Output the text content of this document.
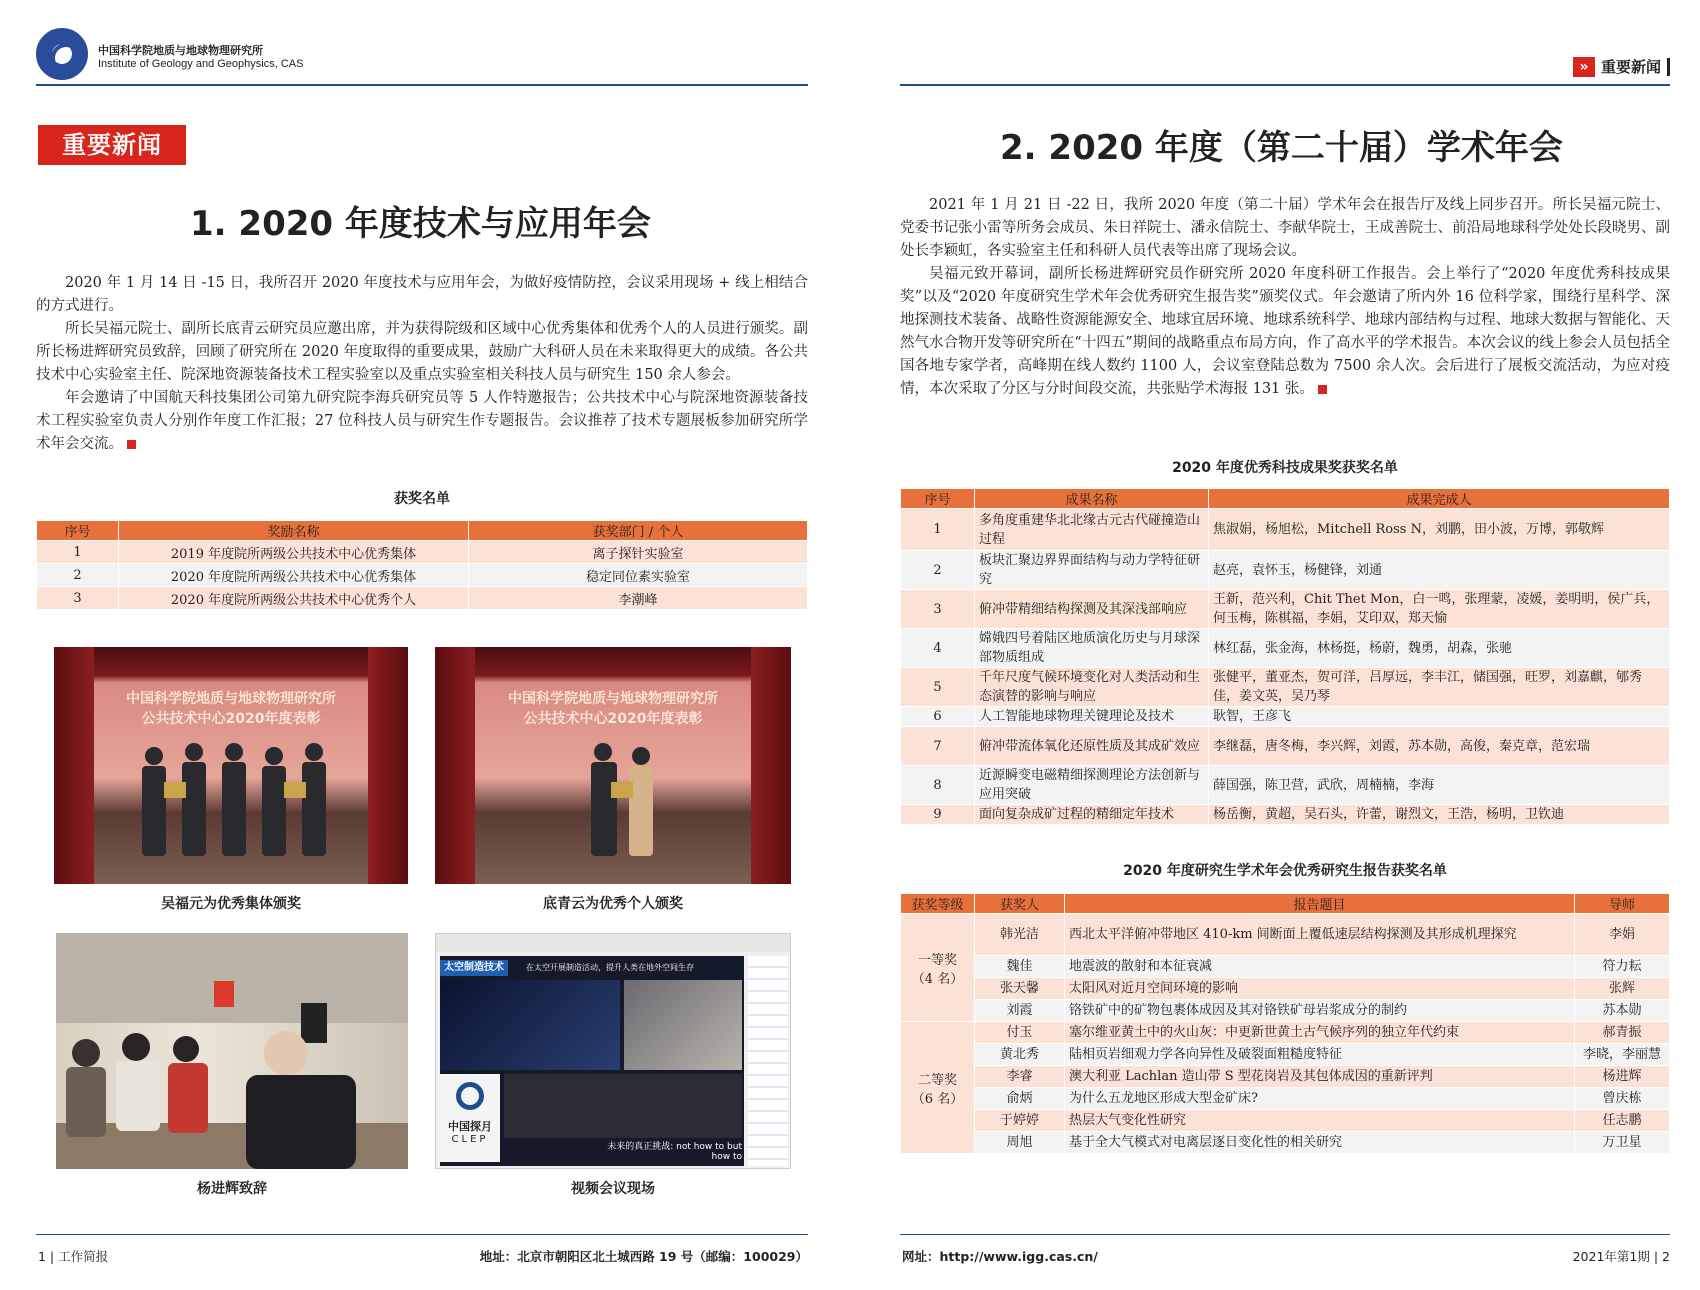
中国科学院地质与地球物理研究所
Institute of Geology and Geophysics, CAS
重要新闻
1. 2020 年度技术与应用年会

2020 年 1 月 14 日 -15 日，我所召开 2020 年度技术与应用年会，为做好疫情防控，会议采用现场 + 线上相结合的方式进行。

所长吴福元院士、副所长底青云研究员应邀出席，并为获得院级和区域中心优秀集体和优秀个人的人员进行颁奖。副所长杨进辉研究员致辞，回顾了研究所在 2020 年度取得的重要成果，鼓励广大科研人员在未来取得更大的成绩。各公共技术中心实验室主任、院深地资源装备技术工程实验室以及重点实验室相关科技人员与研究生 150 余人参会。

年会邀请了中国航天科技集团公司第九研究院李海兵研究员等 5 人作特邀报告；公共技术中心与院深地资源装备技术工程实验室负责人分别作年度工作汇报；27 位科技人员与研究生作专题报告。会议推荐了技术专题展板参加研究所学术年会交流。

获奖名单
序号	奖励名称	获奖部门 / 个人
1	2019 年度院所两级公共技术中心优秀集体	离子探针实验室
2	2020 年度院所两级公共技术中心优秀集体	稳定同位素实验室
3	2020 年度院所两级公共技术中心优秀个人	李潮峰
中国科学院地质与地球物理研究所
公共技术中心2020年度表彰
吴福元为优秀集体颁奖
中国科学院地质与地球物理研究所
公共技术中心2020年度表彰
底青云为优秀个人颁奖
杨进辉致辞
太空制造技术	在太空开展制造活动，提升人类在地外空间生存
中国探月
CLEP
未来的真正挑战: not how to but how to
视频会议现场
1 | 工作简报	地址：北京市朝阳区北土城西路 19 号（邮编：100029）
» 重要新闻
2. 2020 年度（第二十届）学术年会

2021 年 1 月 21 日 -22 日，我所 2020 年度（第二十届）学术年会在报告厅及线上同步召开。所长吴福元院士、党委书记张小雷等所务会成员、朱日祥院士、潘永信院士、李献华院士，王成善院士、前沿局地球科学处处长段晓男、副处长李颖虹，各实验室主任和科研人员代表等出席了现场会议。

吴福元致开幕词，副所长杨进辉研究员作研究所 2020 年度科研工作报告。会上举行了“2020 年度优秀科技成果奖”以及“2020 年度研究生学术年会优秀研究生报告奖”颁奖仪式。年会邀请了所内外 16 位科学家，围绕行星科学、深地探测技术装备、战略性资源能源安全、地球宜居环境、地球系统科学、地球内部结构与过程、地球大数据与智能化、天然气水合物开发等研究所在“十四五”期间的战略重点布局方向，作了高水平的学术报告。本次会议的线上参会人员包括全国各地专家学者，高峰期在线人数约 1100 人，会议室登陆总数为 7500 余人次。会后进行了展板交流活动，为应对疫情，本次采取了分区与分时间段交流，共张贴学术海报 131 张。

2020 年度优秀科技成果奖获奖名单
序号	成果名称	成果完成人
1	多角度重建华北北缘古元古代碰撞造山过程	焦淑娟，杨旭松，Mitchell Ross N，刘鹏，田小波，万博，郭敬辉
2	板块汇聚边界界面结构与动力学特征研究	赵亮，袁怀玉，杨健锋，刘通
3	俯冲带精细结构探测及其深浅部响应	王新，范兴利，Chit Thet Mon，白一鸣，张理蒙，凌媛，姜明明，侯广兵，何玉梅，陈棋福，李娟，艾印双，郑天愉
4	嫦娥四号着陆区地质演化历史与月球深部物质组成	林红磊，张金海，林杨挺，杨蔚，魏勇，胡森，张驰
5	千年尺度气候环境变化对人类活动和生态演替的影响与响应	张健平，董亚杰，贺可洋，吕厚远，李丰江，储国强，旺罗，刘嘉麒，郇秀佳，姜文英，吴乃琴
6	人工智能地球物理关键理论及技术	耿智，王彦飞
7	俯冲带流体氧化还原性质及其成矿效应	李继磊，唐冬梅，李兴辉，刘霞，苏本勋，高俊，秦克章，范宏瑞
8	近源瞬变电磁精细探测理论方法创新与应用突破	薛国强，陈卫营，武欣，周楠楠，李海
9	面向复杂成矿过程的精细定年技术	杨岳衡，黄超，吴石头，许蕾，谢烈文，王浩，杨明，卫钦迪
2020 年度研究生学术年会优秀研究生报告获奖名单
获奖等级	获奖人	报告题目	导师

一等奖
（4 名）	韩光洁	西北太平洋俯冲带地区 410-km 间断面上覆低速层结构探测及其形成机理探究	李娟
	魏佳	地震波的散射和本征衰减	符力耘
	张天馨	太阳风对近月空间环境的影响	张辉
	刘霞	铬铁矿中的矿物包裹体成因及其对铬铁矿母岩浆成分的制约	苏本勋

二等奖
（6 名）	付玉	塞尔维亚黄土中的火山灰：中更新世黄土古气候序列的独立年代约束	郝青振
	黄北秀	陆相页岩细观力学各向异性及破裂面粗糙度特征	李晓，李丽慧
	李睿	澳大利亚 Lachlan 造山带 S 型花岗岩及其包体成因的重新评判	杨进辉
	俞炳	为什么五龙地区形成大型金矿床?	曾庆栋
	于婷婷	热层大气变化性研究	任志鹏
	周旭	基于全大气模式对电离层逐日变化性的相关研究	万卫星
网址：http://www.igg.cas.cn/	2021年第1期 | 2
